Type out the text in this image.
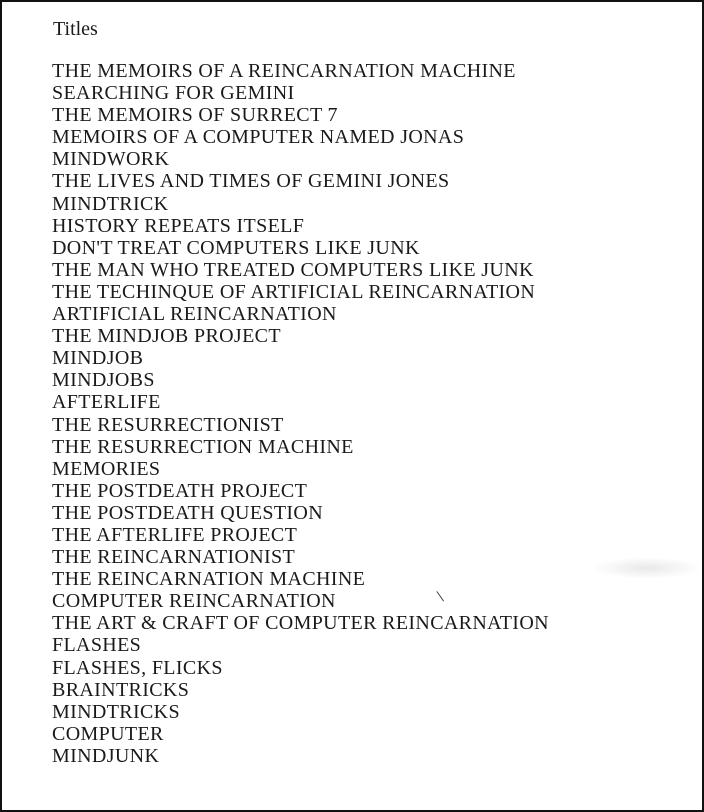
Titles
THE MEMOIRS OF A REINCARNATION MACHINE
SEARCHING FOR GEMINI
THE MEMOIRS OF SURRECT 7
MEMOIRS OF A COMPUTER NAMED JONAS
MINDWORK
THE LIVES AND TIMES OF GEMINI JONES
MINDTRICK
HISTORY REPEATS ITSELF
DON'T TREAT COMPUTERS LIKE JUNK
THE MAN WHO TREATED COMPUTERS LIKE JUNK
THE TECHINQUE OF ARTIFICIAL REINCARNATION
ARTIFICIAL REINCARNATION
THE MINDJOB PROJECT
MINDJOB
MINDJOBS
AFTERLIFE
THE RESURRECTIONIST
THE RESURRECTION MACHINE
MEMORIES
THE POSTDEATH PROJECT
THE POSTDEATH QUESTION
THE AFTERLIFE PROJECT
THE REINCARNATIONIST
THE REINCARNATION MACHINE
COMPUTER REINCARNATION
THE ART & CRAFT OF COMPUTER REINCARNATION
FLASHES
FLASHES, FLICKS
BRAINTRICKS
MINDTRICKS
COMPUTER
MINDJUNK
